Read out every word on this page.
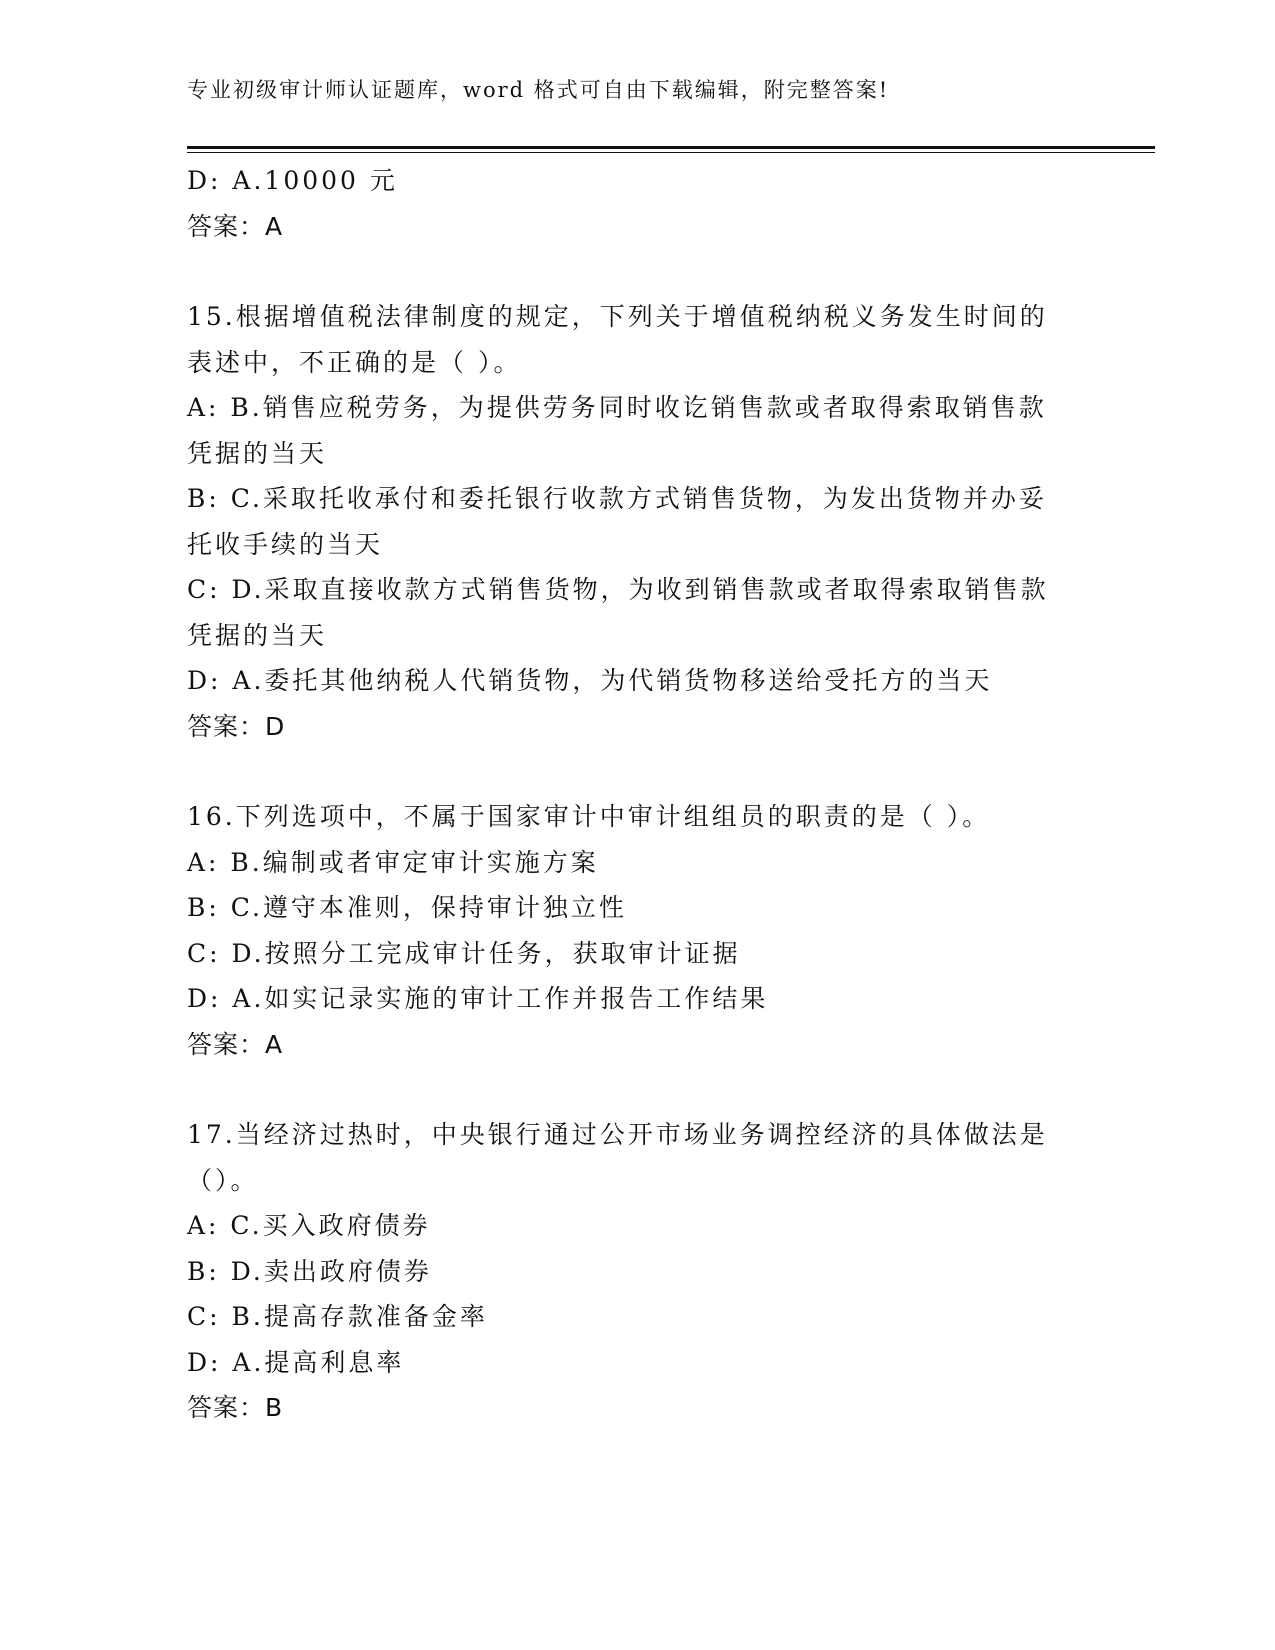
专业初级审计师认证题库，word 格式可自由下载编辑，附完整答案!

D: A.10000 元

答案：A

15.根据增值税法律制度的规定，下列关于增值税纳税义务发生时间的

表述中，不正确的是（ ）。

A: B.销售应税劳务，为提供劳务同时收讫销售款或者取得索取销售款

凭据的当天

B: C.采取托收承付和委托银行收款方式销售货物，为发出货物并办妥

托收手续的当天

C: D.采取直接收款方式销售货物，为收到销售款或者取得索取销售款

凭据的当天

D: A.委托其他纳税人代销货物，为代销货物移送给受托方的当天

答案：D

16.下列选项中，不属于国家审计中审计组组员的职责的是（ ）。

A: B.编制或者审定审计实施方案

B: C.遵守本准则，保持审计独立性

C: D.按照分工完成审计任务，获取审计证据

D: A.如实记录实施的审计工作并报告工作结果

答案：A

17.当经济过热时，中央银行通过公开市场业务调控经济的具体做法是

（）。

A: C.买入政府债券

B: D.卖出政府债券

C: B.提高存款准备金率

D: A.提高利息率

答案：B
